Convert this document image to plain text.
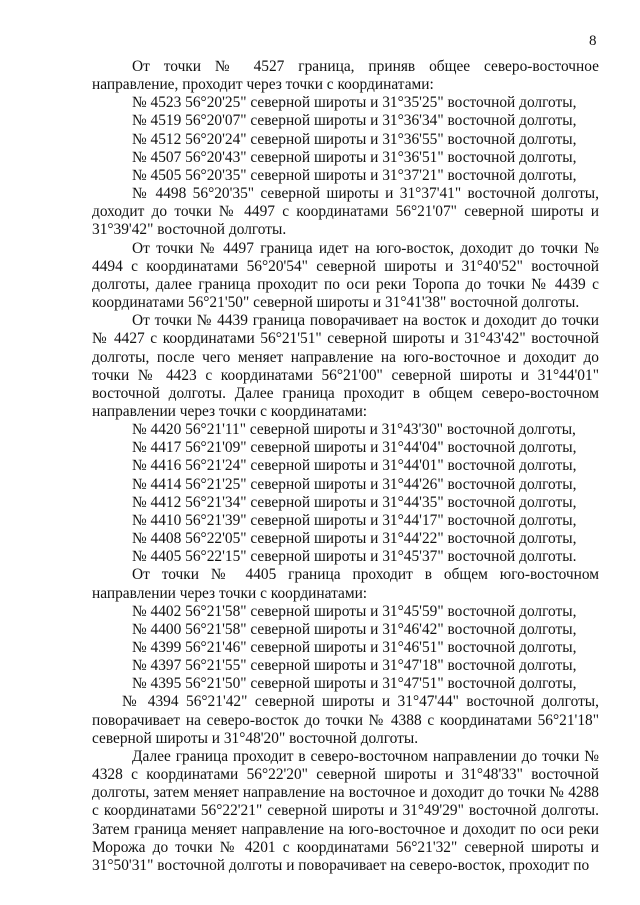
8

От точки № 4527 граница, приняв общее северо-восточное направление, проходит через точки с координатами:

№ 4523 56°20'25" северной широты и 31°35'25" восточной долготы,

№ 4519 56°20'07" северной широты и 31°36'34" восточной долготы,

№ 4512 56°20'24" северной широты и 31°36'55" восточной долготы,

№ 4507 56°20'43" северной широты и 31°36'51" восточной долготы,

№ 4505 56°20'35" северной широты и 31°37'21" восточной долготы,

№ 4498 56°20'35" северной широты и 31°37'41" восточной долготы, доходит до точки № 4497 с координатами 56°21'07" северной широты и 31°39'42" восточной долготы.

От точки № 4497 граница идет на юго-восток, доходит до точки № 4494 с координатами 56°20'54" северной широты и 31°40'52" восточной долготы, далее граница проходит по оси реки Торопа до точки № 4439 с координатами 56°21'50" северной широты и 31°41'38" восточной долготы.

От точки № 4439 граница поворачивает на восток и доходит до точки № 4427 с координатами 56°21'51" северной широты и 31°43'42" восточной долготы, после чего меняет направление на юго-восточное и доходит до точки № 4423 с координатами 56°21'00" северной широты и 31°44'01" восточной долготы. Далее граница проходит в общем северо-восточном направлении через точки с координатами:

№ 4420 56°21'11" северной широты и 31°43'30" восточной долготы,

№ 4417 56°21'09" северной широты и 31°44'04" восточной долготы,

№ 4416 56°21'24" северной широты и 31°44'01" восточной долготы,

№ 4414 56°21'25" северной широты и 31°44'26" восточной долготы,

№ 4412 56°21'34" северной широты и 31°44'35" восточной долготы,

№ 4410 56°21'39" северной широты и 31°44'17" восточной долготы,

№ 4408 56°22'05" северной широты и 31°44'22" восточной долготы,

№ 4405 56°22'15" северной широты и 31°45'37" восточной долготы.

От точки № 4405 граница проходит в общем юго-восточном направлении через точки с координатами:

№ 4402 56°21'58" северной широты и 31°45'59" восточной долготы,

№ 4400 56°21'58" северной широты и 31°46'42" восточной долготы,

№ 4399 56°21'46" северной широты и 31°46'51" восточной долготы,

№ 4397 56°21'55" северной широты и 31°47'18" восточной долготы,

№ 4395 56°21'50" северной широты и 31°47'51" восточной долготы,

№ 4394 56°21'42" северной широты и 31°47'44" восточной долготы, поворачивает на северо-восток до точки № 4388 с координатами 56°21'18" северной широты и 31°48'20" восточной долготы.

Далее граница проходит в северо-восточном направлении до точки № 4328 с координатами 56°22'20" северной широты и 31°48'33" восточной долготы, затем меняет направление на восточное и доходит до точки № 4288 с координатами 56°22'21" северной широты и 31°49'29" восточной долготы. Затем граница меняет направление на юго-восточное и доходит по оси реки Морожа до точки № 4201 с координатами 56°21'32" северной широты и 31°50'31" восточной долготы и поворачивает на северо-восток, проходит по
